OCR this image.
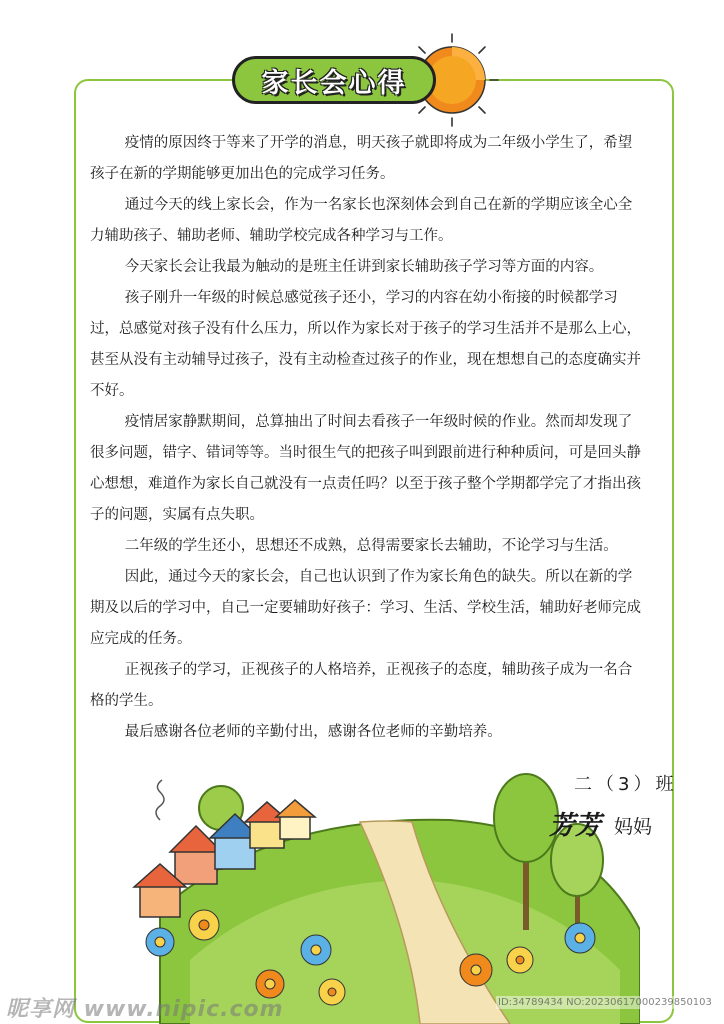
家长会心得

疫情的原因终于等来了开学的消息，明天孩子就即将成为二年级小学生了，希望孩子在新的学期能够更加出色的完成学习任务。

通过今天的线上家长会，作为一名家长也深刻体会到自己在新的学期应该全心全力辅助孩子、辅助老师、辅助学校完成各种学习与工作。

今天家长会让我最为触动的是班主任讲到家长辅助孩子学习等方面的内容。

孩子刚升一年级的时候总感觉孩子还小，学习的内容在幼小衔接的时候都学习过，总感觉对孩子没有什么压力，所以作为家长对于孩子的学习生活并不是那么上心，甚至从没有主动辅导过孩子，没有主动检查过孩子的作业，现在想想自己的态度确实并不好。

疫情居家静默期间，总算抽出了时间去看孩子一年级时候的作业。然而却发现了很多问题，错字、错词等等。当时很生气的把孩子叫到跟前进行种种质问，可是回头静心想想，难道作为家长自己就没有一点责任吗？以至于孩子整个学期都学完了才指出孩子的问题，实属有点失职。

二年级的学生还小，思想还不成熟，总得需要家长去辅助，不论学习与生活。

因此，通过今天的家长会，自己也认识到了作为家长角色的缺失。所以在新的学期及以后的学习中，自己一定要辅助好孩子：学习、生活、学校生活，辅助好老师完成应完成的任务。

正视孩子的学习，正视孩子的人格培养，正视孩子的态度，辅助孩子成为一名合格的学生。

最后感谢各位老师的辛勤付出，感谢各位老师的辛勤培养。

二（3）班
芳芳 妈妈
昵享网 www.nipic.com	ID:34789434 NO:20230617000239850103
